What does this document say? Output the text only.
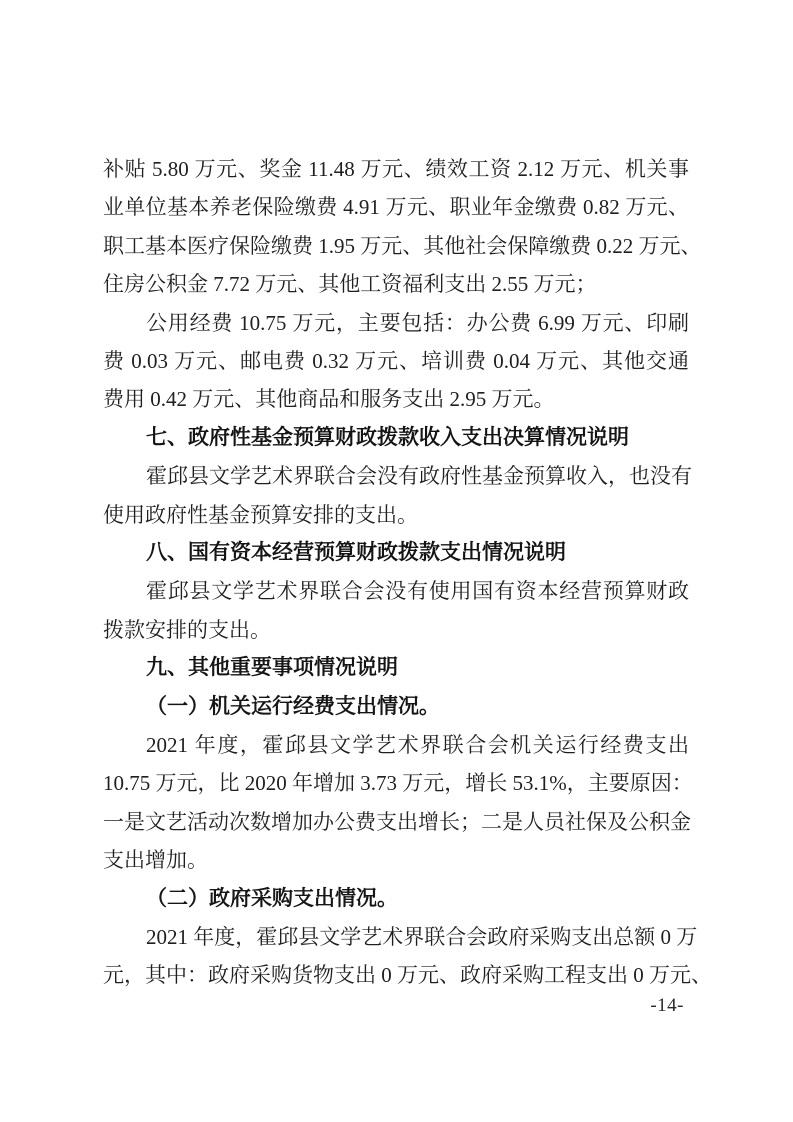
补贴 5.80 万元、奖金 11.48 万元、绩效工资 2.12 万元、机关事
业单位基本养老保险缴费 4.91 万元、职业年金缴费 0.82 万元、
职工基本医疗保险缴费 1.95 万元、其他社会保障缴费 0.22 万元、
住房公积金 7.72 万元、其他工资福利支出 2.55 万元；
公用经费 10.75 万元，主要包括：办公费 6.99 万元、印刷
费 0.03 万元、邮电费 0.32 万元、培训费 0.04 万元、其他交通
费用 0.42 万元、其他商品和服务支出 2.95 万元。
七、政府性基金预算财政拨款收入支出决算情况说明
霍邱县文学艺术界联合会没有政府性基金预算收入，也没有
使用政府性基金预算安排的支出。
八、国有资本经营预算财政拨款支出情况说明
霍邱县文学艺术界联合会没有使用国有资本经营预算财政
拨款安排的支出。
九、其他重要事项情况说明
（一）机关运行经费支出情况。
2021 年度，霍邱县文学艺术界联合会机关运行经费支出
10.75 万元，比 2020 年增加 3.73 万元，增长 53.1%，主要原因：
一是文艺活动次数增加办公费支出增长；二是人员社保及公积金
支出增加。
（二）政府采购支出情况。
2021 年度，霍邱县文学艺术界联合会政府采购支出总额 0 万
元，其中：政府采购货物支出 0 万元、政府采购工程支出 0 万元、
-14-
